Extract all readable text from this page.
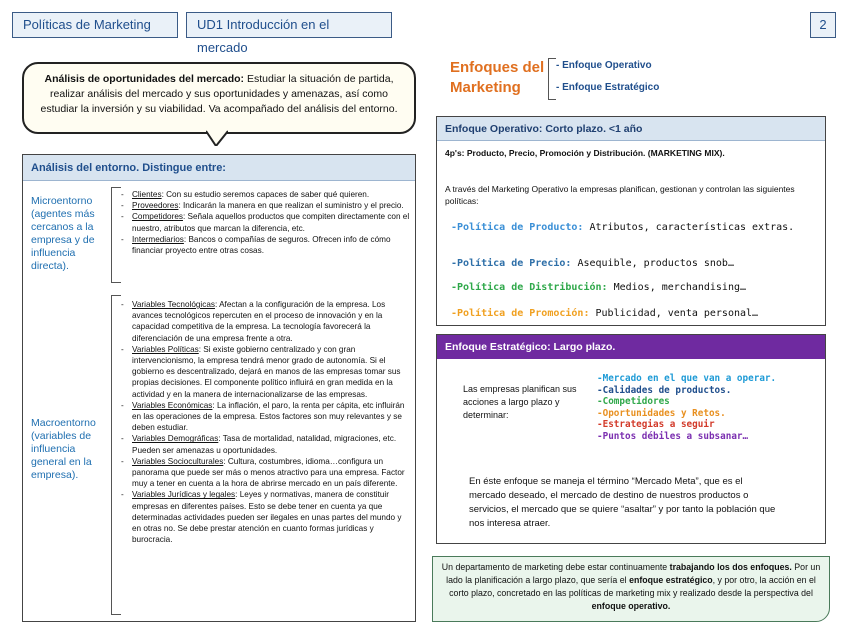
Políticas de Marketing	UD1 Introducción en el mercado
2
Análisis de oportunidades del mercado: Estudiar la situación de partida, realizar análisis del mercado y sus oportunidades y amenazas, así como estudiar la inversión y su viabilidad. Va acompañado del análisis del entorno.
Análisis del entorno. Distingue entre:
Microentorno (agentes más cercanos a la empresa y de influencia directa).
- Clientes: Con su estudio seremos capaces de saber qué quieren.
- Proveedores: Indicarán la manera en que realizan el suministro y el precio.
- Competidores: Señala aquellos productos que compiten directamente con el nuestro, atributos que marcan la diferencia, etc.
- Intermediarios: Bancos o compañías de seguros. Ofrecen info de cómo financiar proyecto entre otras cosas.
Macroentorno (variables de influencia general en la empresa).
- Variables Tecnológicas: Afectan a la configuración de la empresa. Los avances tecnológicos repercuten en el proceso de innovación y en la capacidad competitiva de la empresa. La tecnología favorecerá la diferenciación de una empresa frente a otra.
- Variables Políticas: Si existe gobierno centralizado y con gran intervencionismo, la empresa tendrá menor grado de autonomía. Si el gobierno es descentralizado, dejará en manos de las empresas tomar sus propias decisiones. El componente político influirá en gran medida en la actividad y en la manera de internacionalizarse de las empresas.
- Variables Económicas: La inflación, el paro, la renta per cápita, etc influirán en las operaciones de la empresa. Estos factores son muy relevantes y se deben estudiar.
- Variables Demográficas: Tasa de mortalidad, natalidad, migraciones, etc. Pueden ser amenazas u oportunidades.
- Variables Socioculturales: Cultura, costumbres, idioma…configura un panorama que puede ser más o menos atractivo para una empresa. Factor muy a tener en cuenta a la hora de abrirse mercado en un país diferente.
- Variables Jurídicas y legales: Leyes y normativas, manera de constituir empresas en diferentes países. Esto se debe tener en cuenta ya que determinadas actividades pueden ser ilegales en unas partes del mundo y en otras no. Se debe prestar atención en cuanto formas jurídicas y burocracia.
Enfoques del Marketing
- Enfoque Operativo
- Enfoque Estratégico
Enfoque Operativo: Corto plazo. <1 año
4p's: Producto, Precio, Promoción y Distribución. (MARKETING MIX).
A través del Marketing Operativo la empresas planifican, gestionan y controlan las siguientes políticas:
-Política de Producto: Atributos, características extras.
-Política de Precio: Asequible, productos snob…
-Política de Distribución: Medios, merchandising…
-Política de Promoción: Publicidad, venta personal…
Enfoque Estratégico: Largo plazo.
Las empresas planifican sus acciones a largo plazo y determinar:
-Mercado en el que van a operar.
-Calidades de productos.
-Competidores
-Oportunidades y Retos.
-Estrategias a seguir
-Puntos débiles a subsanar…
En éste enfoque se maneja el término “Mercado Meta”, que es el mercado deseado, el mercado de destino de nuestros productos o servicios, el mercado que se quiere “asaltar” y por tanto la población que nos interesa atraer.
Un departamento de marketing debe estar continuamente trabajando los dos enfoques. Por un lado la planificación a largo plazo, que sería el enfoque estratégico, y por otro, la acción en el corto plazo, concretado en las políticas de marketing mix y realizado desde la perspectiva del enfoque operativo.
